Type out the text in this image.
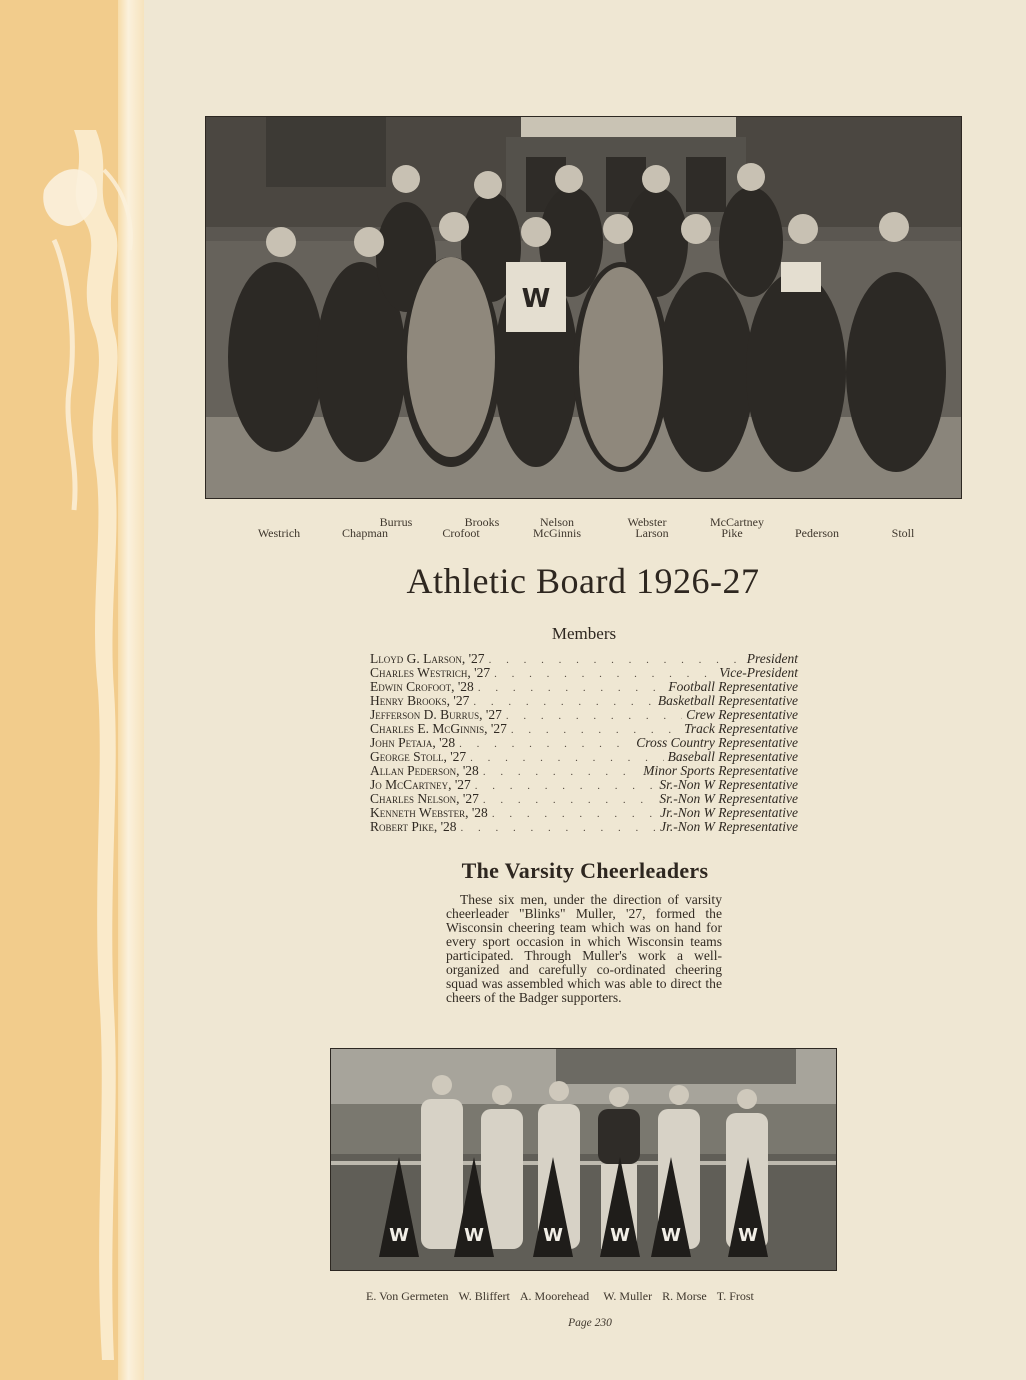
W
Burrus	Brooks	Nelson	Webster	McCartney
Westrich	Chapman	Crofoot	McGinnis	Larson	Pike	Pederson	Stoll
Athletic Board 1926-27
Members
Lloyd G. Larson, '27 . . .	President
Charles Westrich, '27 . . .	Vice-President
Edwin Crofoot, '28 . . .	Football Representative
Henry Brooks, '27 . . .	Basketball Representative
Jefferson D. Burrus, '27 . . .	Crew Representative
Charles E. McGinnis, '27 . . .	Track Representative
John Petaja, '28 . . .	Cross Country Representative
George Stoll, '27 . . .	Baseball Representative
Allan Pederson, '28 . . .	Minor Sports Representative
Jo McCartney, '27 . . .	Sr.-Non W Representative
Charles Nelson, '27 . . .	Sr.-Non W Representative
Kenneth Webster, '28 . . .	Jr.-Non W Representative
Robert Pike, '28 . . .	Jr.-Non W Representative
The Varsity Cheerleaders
These six men, under the direction of varsity cheerleader "Blinks" Muller, '27, formed the Wisconsin cheering team which was on hand for every sport occasion in which Wisconsin teams participated. Through Muller's work a well-organized and carefully co-ordinated cheering squad was assembled which was able to direct the cheers of the Badger supporters.
W	W	W	W W	W
E. Von Germeten W. Bliffert A. Moorehead W. Muller R. Morse T. Frost
Page 230
